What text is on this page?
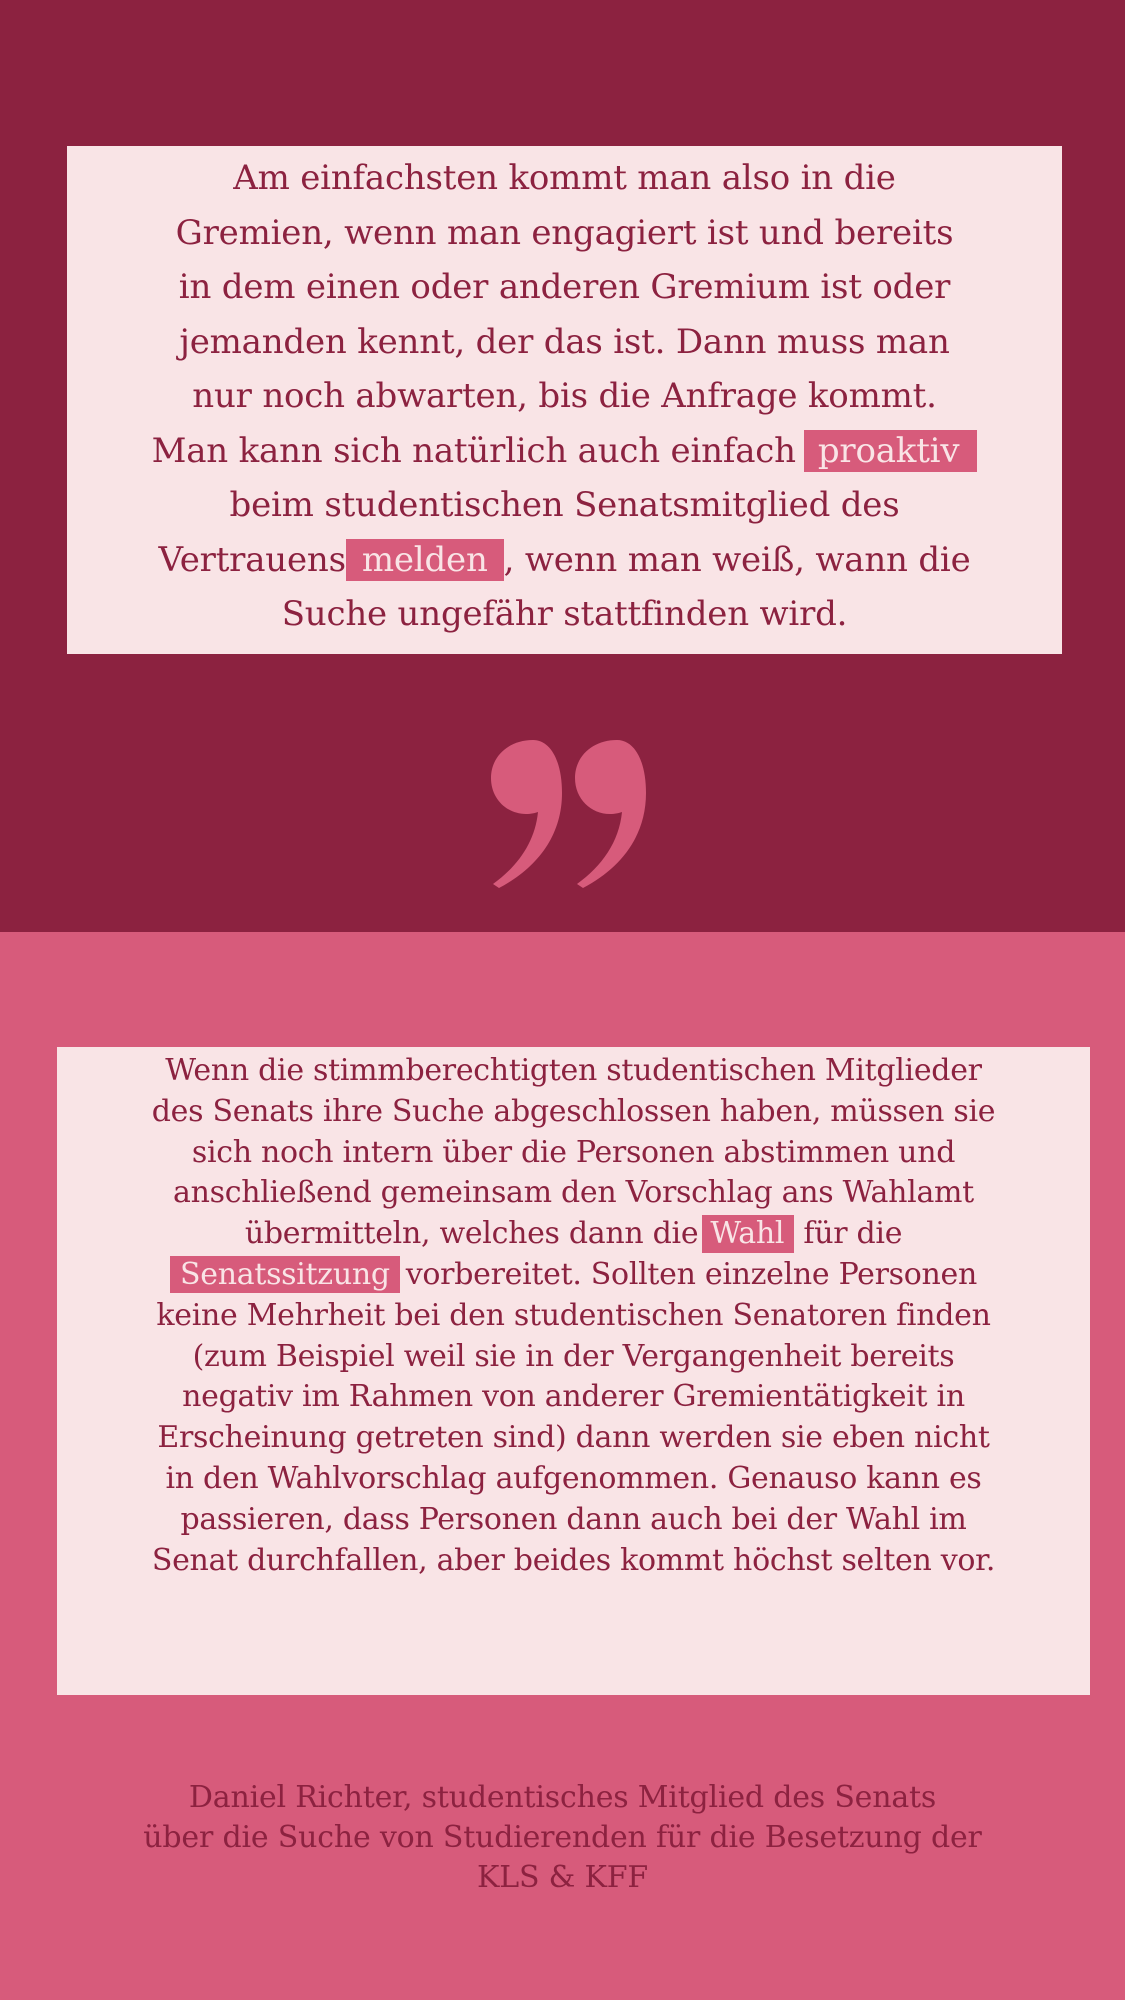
Am einfachsten kommt man also in die
Gremien, wenn man engagiert ist und bereits
in dem einen oder anderen Gremium ist oder
jemanden kennt, der das ist. Dann muss man
nur noch abwarten, bis die Anfrage kommt.
Man kann sich natürlich auch einfach proaktiv
beim studentischen Senatsmitglied des
Vertrauens melden , wenn man weiß, wann die
Suche ungefähr stattfinden wird.
Wenn die stimmberechtigten studentischen Mitglieder
des Senats ihre Suche abgeschlossen haben, müssen sie
sich noch intern über die Personen abstimmen und
anschließend gemeinsam den Vorschlag ans Wahlamt
übermitteln, welches dann die Wahl für die
Senatssitzung vorbereitet. Sollten einzelne Personen
keine Mehrheit bei den studentischen Senatoren finden
(zum Beispiel weil sie in der Vergangenheit bereits
negativ im Rahmen von anderer Gremientätigkeit in
Erscheinung getreten sind) dann werden sie eben nicht
in den Wahlvorschlag aufgenommen. Genauso kann es
passieren, dass Personen dann auch bei der Wahl im
Senat durchfallen, aber beides kommt höchst selten vor.
Daniel Richter, studentisches Mitglied des Senats
über die Suche von Studierenden für die Besetzung der
KLS & KFF
